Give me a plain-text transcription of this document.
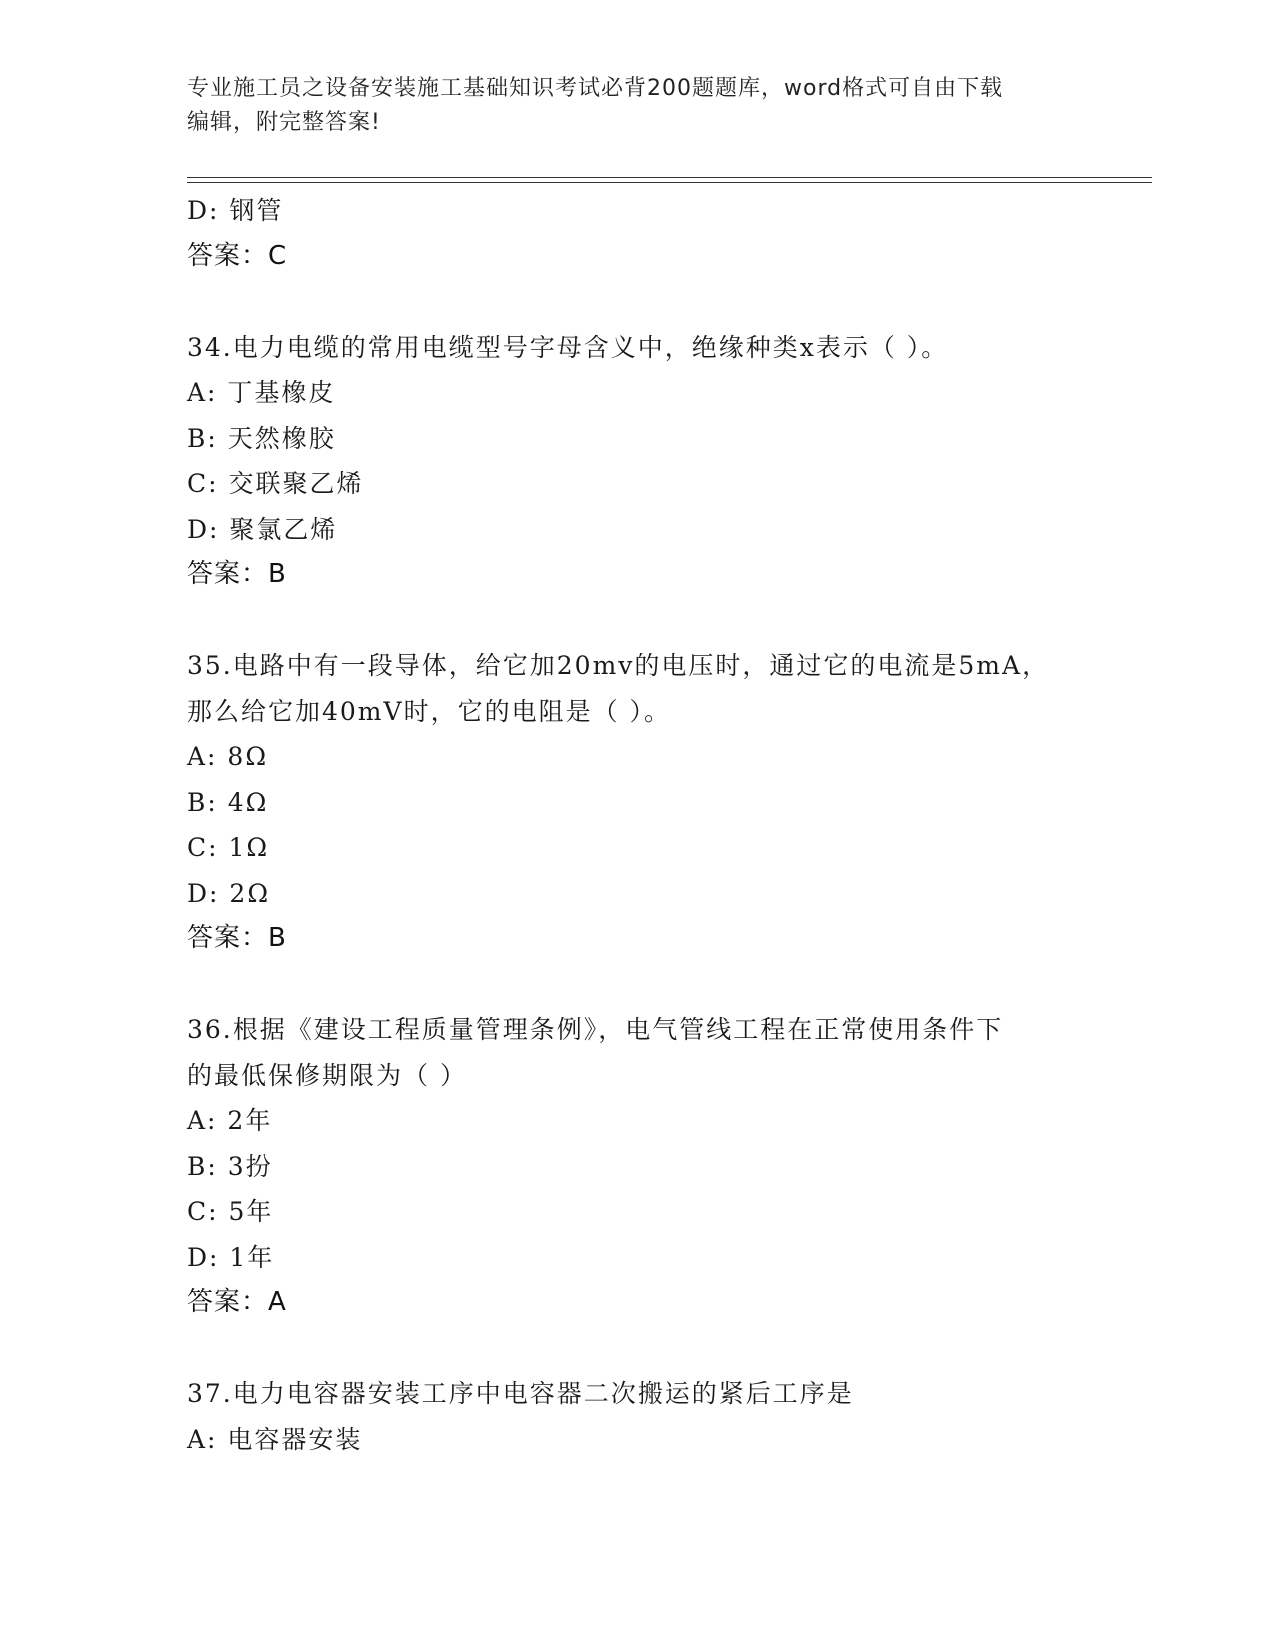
专业施工员之设备安装施工基础知识考试必背200题题库，word格式可自由下载
编辑，附完整答案!
D: 钢管
答案：C
34.电力电缆的常用电缆型号字母含义中，绝缘种类x表示（ ）。
A: 丁基橡皮
B: 天然橡胶
C: 交联聚乙烯
D: 聚氯乙烯
答案：B
35.电路中有一段导体，给它加20mv的电压时，通过它的电流是5mA，
那么给它加40mV时，它的电阻是（ ）。
A: 8Ω
B: 4Ω
C: 1Ω
D: 2Ω
答案：B
36.根据《建设工程质量管理条例》，电气管线工程在正常使用条件下
的最低保修期限为（ ）
A: 2年
B: 3扮
C: 5年
D: 1年
答案：A
37.电力电容器安装工序中电容器二次搬运的紧后工序是
A: 电容器安装
